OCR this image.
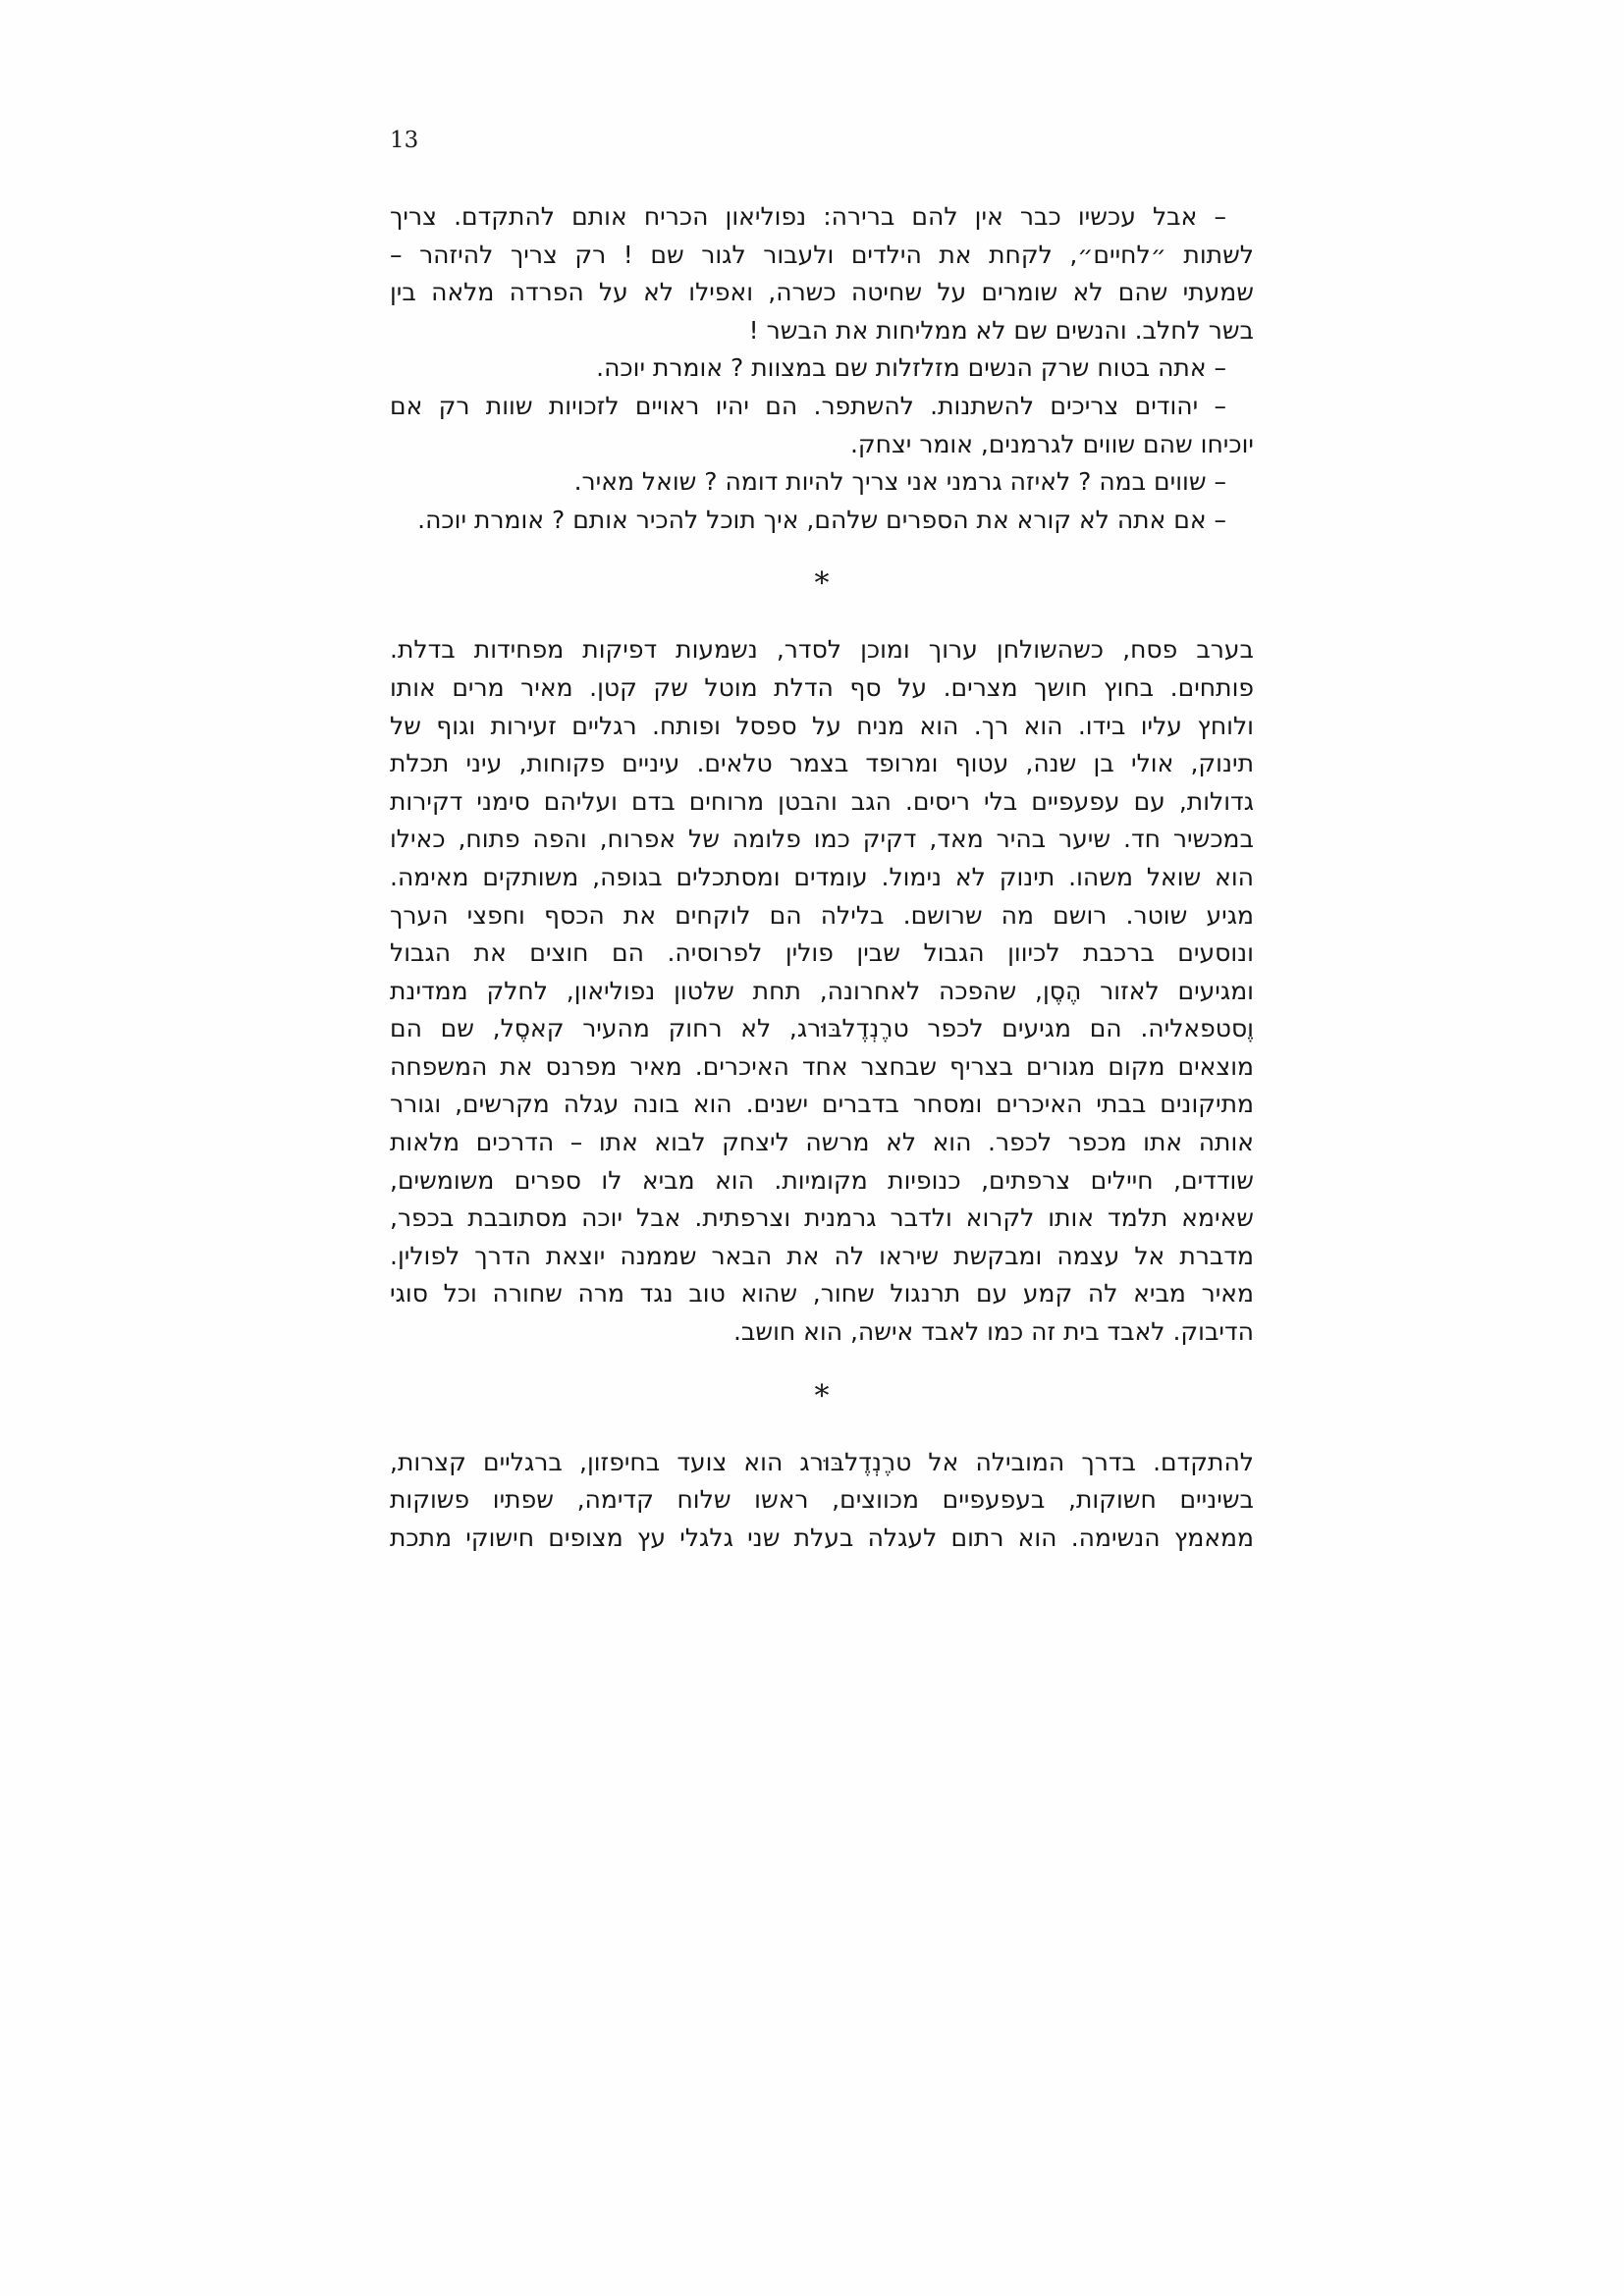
13
– אבל עכשיו כבר אין להם ברירה: נפוליאון הכריח אותם להתקדם. צריך
לשתות ״לחיים״, לקחת את הילדים ולעבור לגור שם ! רק צריך להיזהר –
שמעתי שהם לא שומרים על שחיטה כשרה, ואפילו לא על הפרדה מלאה בין
בשר לחלב. והנשים שם לא ממליחות את הבשר !
– אתה בטוח שרק הנשים מזלזלות שם במצוות ? אומרת יוכה.
– יהודים צריכים להשתנות. להשתפר. הם יהיו ראויים לזכויות שוות רק אם
יוכיחו שהם שווים לגרמנים, אומר יצחק.
– שווים במה ? לאיזה גרמני אני צריך להיות דומה ? שואל מאיר.
– אם אתה לא קורא את הספרים שלהם, איך תוכל להכיר אותם ? אומרת יוכה.
*
בערב פסח, כשהשולחן ערוך ומוכן לסדר, נשמעות דפיקות מפחידות בדלת.
פותחים. בחוץ חושך מצרים. על סף הדלת מוטל שק קטן. מאיר מרים אותו
ולוחץ עליו בידו. הוא רך. הוא מניח על ספסל ופותח. רגליים זעירות וגוף של
תינוק, אולי בן שנה, עטוף ומרופד בצמר טלאים. עיניים פקוחות, עיני תכלת
גדולות, עם עפעפיים בלי ריסים. הגב והבטן מרוחים בדם ועליהם סימני דקירות
במכשיר חד. שיער בהיר מאד, דקיק כמו פלומה של אפרוח, והפה פתוח, כאילו
הוא שואל משהו. תינוק לא נימול. עומדים ומסתכלים בגופה, משותקים מאימה.
מגיע שוטר. רושם מה שרושם. בלילה הם לוקחים את הכסף וחפצי הערך
ונוסעים ברכבת לכיוון הגבול שבין פולין לפרוסיה. הם חוצים את הגבול
ומגיעים לאזור הֶסֶן, שהפכה לאחרונה, תחת שלטון נפוליאון, לחלק ממדינת
וֶסטפאליה. הם מגיעים לכפר טרֶנְדֶלבּוּרג, לא רחוק מהעיר קאסֶל, שם הם
מוצאים מקום מגורים בצריף שבחצר אחד האיכרים. מאיר מפרנס את המשפחה
מתיקונים בבתי האיכרים ומסחר בדברים ישנים. הוא בונה עגלה מקרשים, וגורר
אותה אתו מכפר לכפר. הוא לא מרשה ליצחק לבוא אתו – הדרכים מלאות
שודדים, חיילים צרפתים, כנופיות מקומיות. הוא מביא לו ספרים משומשים,
שאימא תלמד אותו לקרוא ולדבר גרמנית וצרפתית. אבל יוכה מסתובבת בכפר,
מדברת אל עצמה ומבקשת שיראו לה את הבאר שממנה יוצאת הדרך לפולין.
מאיר מביא לה קמע עם תרנגול שחור, שהוא טוב נגד מרה שחורה וכל סוגי
הדיבוק. לאבד בית זה כמו לאבד אישה, הוא חושב.
*
להתקדם. בדרך המובילה אל טרֶנְדֶלבּוּרג הוא צועד בחיפזון, ברגליים קצרות,
בשיניים חשוקות, בעפעפיים מכווצים, ראשו שלוח קדימה, שפתיו פשוקות
ממאמץ הנשימה. הוא רתום לעגלה בעלת שני גלגלי עץ מצופים חישוקי מתכת
